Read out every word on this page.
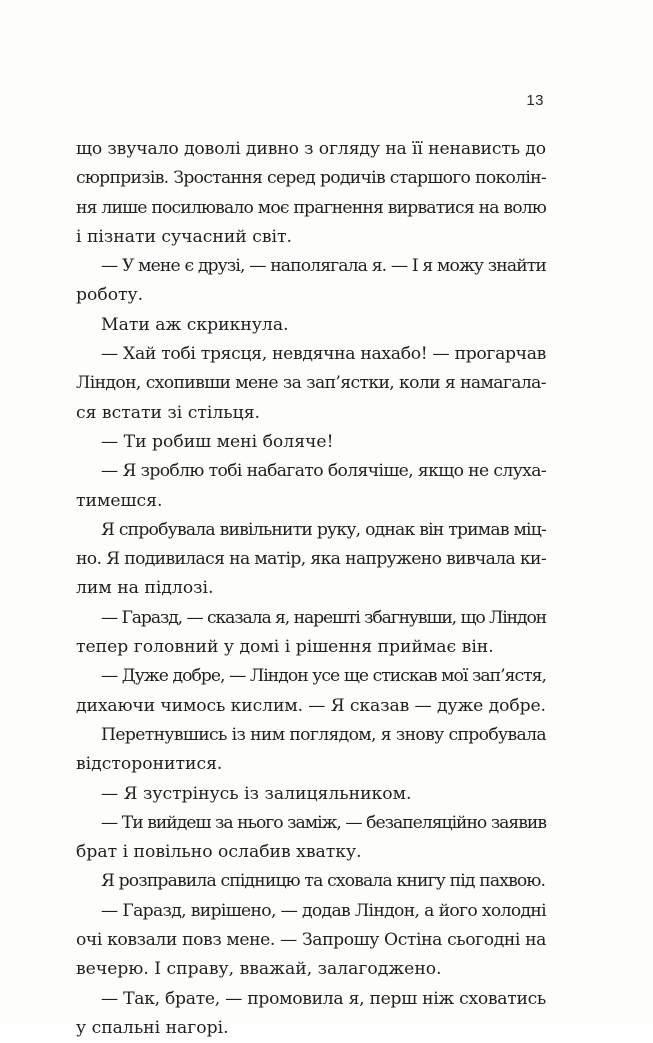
13
що звучало доволі дивно з огляду на її ненависть до
сюрпризів. Зростання серед родичів старшого поколін-
ня лише посилювало моє прагнення вирватися на волю
і пізнати сучасний світ.
— У мене є друзі, — наполягала я. — І я можу знайти
роботу.
Мати аж скрикнула.
— Хай тобі трясця, невдячна нахабо! — прогарчав
Ліндон, схопивши мене за зап’ястки, коли я намагала-
ся встати зі стільця.
— Ти робиш мені боляче!
— Я зроблю тобі набагато болячіше, якщо не слуха-
тимешся.
Я спробувала вивільнити руку, однак він тримав міц-
но. Я подивилася на матір, яка напружено вивчала ки-
лим на підлозі.
— Гаразд, — сказала я, нарешті збагнувши, що Ліндон
тепер головний у домі і рішення приймає він.
— Дуже добре, — Ліндон усе ще стискав мої зап’ястя,
дихаючи чимось кислим. — Я сказав — дуже добре.
Перетнувшись із ним поглядом, я знову спробувала
відсторонитися.
— Я зустрінусь із залицяльником.
— Ти вийдеш за нього заміж, — безапеляційно заявив
брат і повільно ослабив хватку.
Я розправила спідницю та сховала книгу під пахвою.
— Гаразд, вирішено, — додав Ліндон, а його холодні
очі ковзали повз мене. — Запрошу Остіна сьогодні на
вечерю. І справу, вважай, залагоджено.
— Так, брате, — промовила я, перш ніж сховатись
у спальні нагорі.
